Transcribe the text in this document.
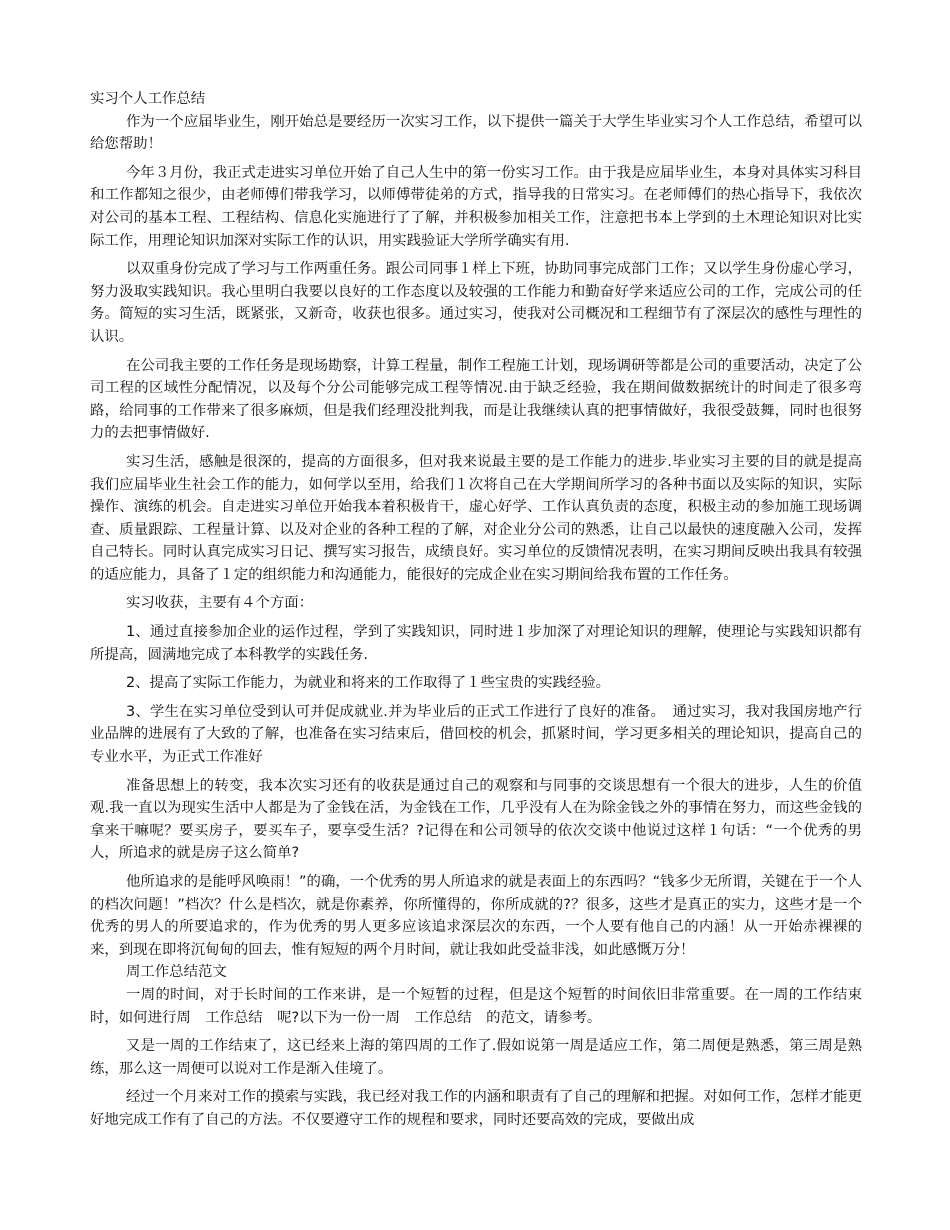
实习个人工作总结

作为一个应届毕业生，刚开始总是要经历一次实习工作，以下提供一篇关于大学生毕业实习个人工作总结，希望可以给您帮助！

今年３月份，我正式走进实习单位开始了自己人生中的第一份实习工作。由于我是应届毕业生，本身对具体实习科目和工作都知之很少，由老师傅们带我学习，以师傅带徒弟的方式，指导我的日常实习。在老师傅们的热心指导下，我依次对公司的基本工程、工程结构、信息化实施进行了了解，并积极参加相关工作，注意把书本上学到的土木理论知识对比实际工作，用理论知识加深对实际工作的认识，用实践验证大学所学确实有用.

以双重身份完成了学习与工作两重任务。跟公司同事１样上下班，协助同事完成部门工作；又以学生身份虚心学习，努力汲取实践知识。我心里明白我要以良好的工作态度以及较强的工作能力和勤奋好学来适应公司的工作，完成公司的任务。简短的实习生活，既紧张，又新奇，收获也很多。通过实习，使我对公司概况和工程细节有了深层次的感性与理性的认识。

在公司我主要的工作任务是现场勘察，计算工程量，制作工程施工计划，现场调研等都是公司的重要活动，决定了公司工程的区域性分配情况，以及每个分公司能够完成工程等情况.由于缺乏经验，我在期间做数据统计的时间走了很多弯路，给同事的工作带来了很多麻烦，但是我们经理没批判我，而是让我继续认真的把事情做好，我很受鼓舞，同时也很努力的去把事情做好.

实习生活，感触是很深的，提高的方面很多，但对我来说最主要的是工作能力的进步.毕业实习主要的目的就是提高我们应届毕业生社会工作的能力，如何学以至用，给我们１次将自己在大学期间所学习的各种书面以及实际的知识，实际操作、演练的机会。自走进实习单位开始我本着积极肯干，虚心好学、工作认真负责的态度，积极主动的参加施工现场调查、质量跟踪、工程量计算、以及对企业的各种工程的了解，对企业分公司的熟悉，让自己以最快的速度融入公司，发挥自己特长。同时认真完成实习日记、撰写实习报告，成绩良好。实习单位的反馈情况表明，在实习期间反映出我具有较强的适应能力，具备了１定的组织能力和沟通能力，能很好的完成企业在实习期间给我布置的工作任务。

实习收获，主要有４个方面：

1、通过直接参加企业的运作过程，学到了实践知识，同时进１步加深了对理论知识的理解，使理论与实践知识都有所提高，圆满地完成了本科教学的实践任务.

2、提高了实际工作能力，为就业和将来的工作取得了１些宝贵的实践经验。

3、学生在实习单位受到认可并促成就业.并为毕业后的正式工作进行了良好的准备。　通过实习，我对我国房地产行业品牌的进展有了大致的了解，也准备在实习结束后，借回校的机会，抓紧时间，学习更多相关的理论知识，提高自己的专业水平，为正式工作准好

准备思想上的转变，我本次实习还有的收获是通过自己的观察和与同事的交谈思想有一个很大的进步，人生的价值观.我一直以为现实生活中人都是为了金钱在活，为金钱在工作，几乎没有人在为除金钱之外的事情在努力，而这些金钱的拿来干嘛呢？要买房子，要买车子，要享受生活？?记得在和公司领导的依次交谈中他说过这样１句话：“一个优秀的男人，所追求的就是房子这么简单?

他所追求的是能呼风唤雨！”的确，一个优秀的男人所追求的就是表面上的东西吗？“钱多少无所谓，关键在于一个人的档次问题！”档次？什么是档次，就是你素养，你所懂得的，你所成就的?？很多，这些才是真正的实力，这些才是一个优秀的男人的所要追求的，作为优秀的男人更多应该追求深层次的东西，一个人要有他自己的内涵！从一开始赤裸裸的来，到现在即将沉甸甸的回去，惟有短短的两个月时间，就让我如此受益非浅，如此感慨万分！

周工作总结范文

一周的时间，对于长时间的工作来讲，是一个短暂的过程，但是这个短暂的时间依旧非常重要。在一周的工作结束时，如何进行周　工作总结　呢?以下为一份一周　工作总结　的范文，请参考。

又是一周的工作结束了，这已经来上海的第四周的工作了.假如说第一周是适应工作，第二周便是熟悉，第三周是熟练，那么这一周便可以说对工作是渐入佳境了。

经过一个月来对工作的摸索与实践，我已经对我工作的内涵和职责有了自己的理解和把握。对如何工作，怎样才能更好地完成工作有了自己的方法。不仅要遵守工作的规程和要求，同时还要高效的完成，要做出成
